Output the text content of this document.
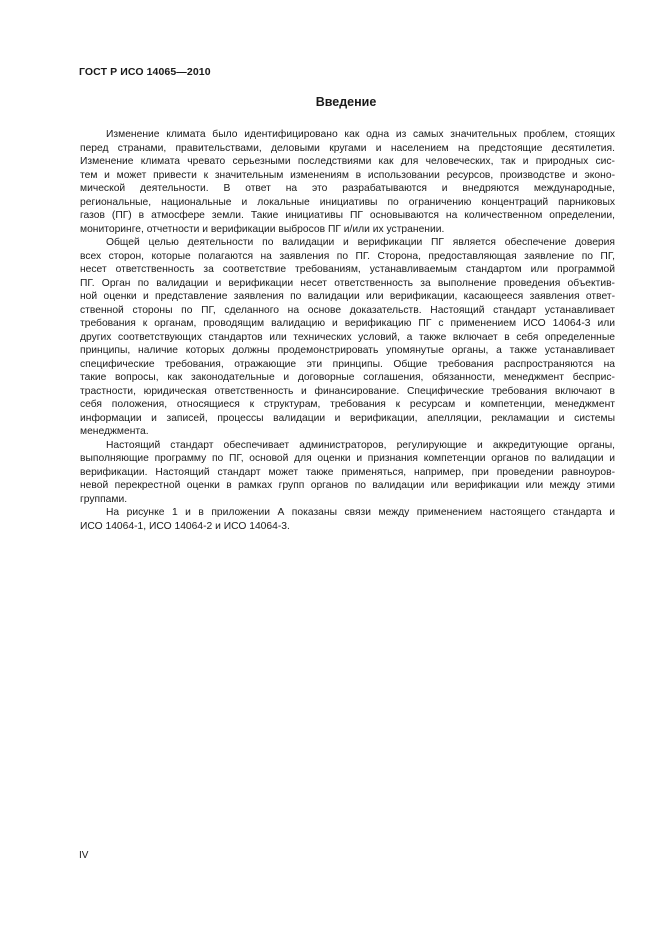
ГОСТ Р ИСО 14065—2010
Введение
Изменение климата было идентифицировано как одна из самых значительных проблем, стоящих
перед странами, правительствами, деловыми кругами и населением на предстоящие десятилетия.
Изменение климата чревато серьезными последствиями как для человеческих, так и природных сис-
тем и может привести к значительным изменениям в использовании ресурсов, производстве и эконо-
мической деятельности. В ответ на это разрабатываются и внедряются международные,
региональные, национальные и локальные инициативы по ограничению концентраций парниковых
газов (ПГ) в атмосфере земли. Такие инициативы ПГ основываются на количественном определении,
мониторинге, отчетности и верификации выбросов ПГ и/или их устранении.
Общей целью деятельности по валидации и верификации ПГ является обеспечение доверия
всех сторон, которые полагаются на заявления по ПГ. Сторона, предоставляющая заявление по ПГ,
несет ответственность за соответствие требованиям, устанавливаемым стандартом или программой
ПГ. Орган по валидации и верификации несет ответственность за выполнение проведения объектив-
ной оценки и представление заявления по валидации или верификации, касающееся заявления ответ-
ственной стороны по ПГ, сделанного на основе доказательств. Настоящий стандарт устанавливает
требования к органам, проводящим валидацию и верификацию ПГ с применением ИСО 14064-3 или
других соответствующих стандартов или технических условий, а также включает в себя определенные
принципы, наличие которых должны продемонстрировать упомянутые органы, а также устанавливает
специфические требования, отражающие эти принципы. Общие требования распространяются на
такие вопросы, как законодательные и договорные соглашения, обязанности, менеджмент бесприс-
трастности, юридическая ответственность и финансирование. Специфические требования включают в
себя положения, относящиеся к структурам, требования к ресурсам и компетенции, менеджмент
информации и записей, процессы валидации и верификации, апелляции, рекламации и системы
менеджмента.
Настоящий стандарт обеспечивает администраторов, регулирующие и аккредитующие органы,
выполняющие программу по ПГ, основой для оценки и признания компетенции органов по валидации и
верификации. Настоящий стандарт может также применяться, например, при проведении равноуров-
невой перекрестной оценки в рамках групп органов по валидации или верификации или между этими
группами.
На рисунке 1 и в приложении А показаны связи между применением настоящего стандарта и
ИСО 14064-1, ИСО 14064-2 и ИСО 14064-3.
IV
